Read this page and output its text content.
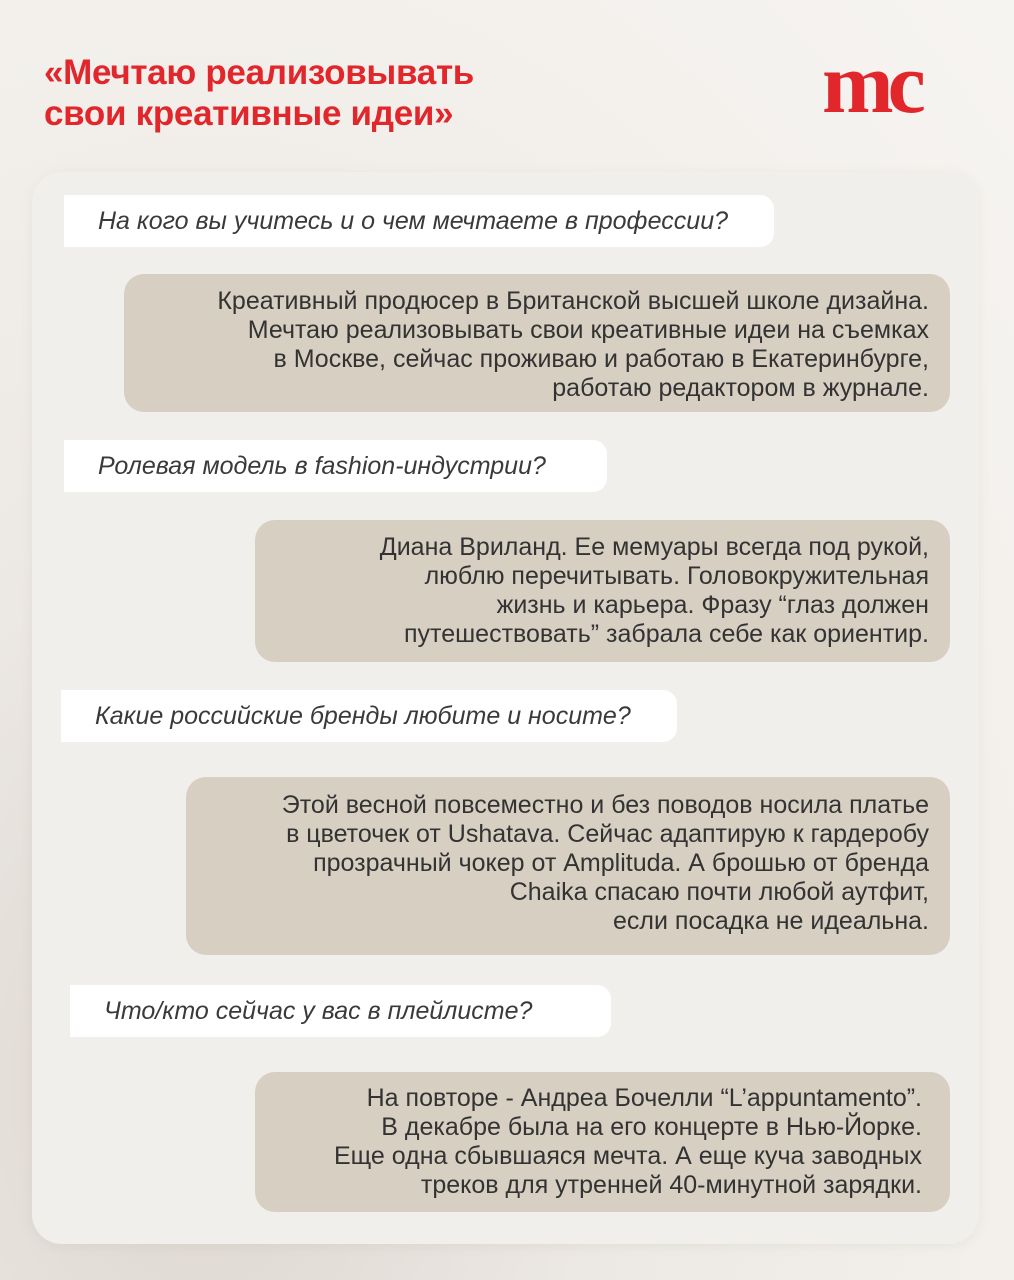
«Мечтаю реализовывать
свои креативные идеи»	mc
На кого вы учитесь и о чем мечтаете в профессии?
Креативный продюсер в Британской высшей школе дизайна.
Мечтаю реализовывать свои креативные идеи на съемках
в Москве, сейчас проживаю и работаю в Екатеринбурге,
работаю редактором в журнале.
Ролевая модель в fashion-индустрии?
Диана Вриланд. Ее мемуары всегда под рукой,
люблю перечитывать. Головокружительная
жизнь и карьера. Фразу “глаз должен
путешествовать” забрала себе как ориентир.
Какие российские бренды любите и носите?
Этой весной повсеместно и без поводов носила платье
в цветочек от Ushatava. Сейчас адаптирую к гардеробу
прозрачный чокер от Amplituda. А брошью от бренда
Chaika спасаю почти любой аутфит,
если посадка не идеальна.
Что/кто сейчас у вас в плейлисте?
На повторе - Андреа Бочелли “L’appuntamento”.
В декабре была на его концерте в Нью-Йорке.
Еще одна сбывшаяся мечта. А еще куча заводных
треков для утренней 40-минутной зарядки.
